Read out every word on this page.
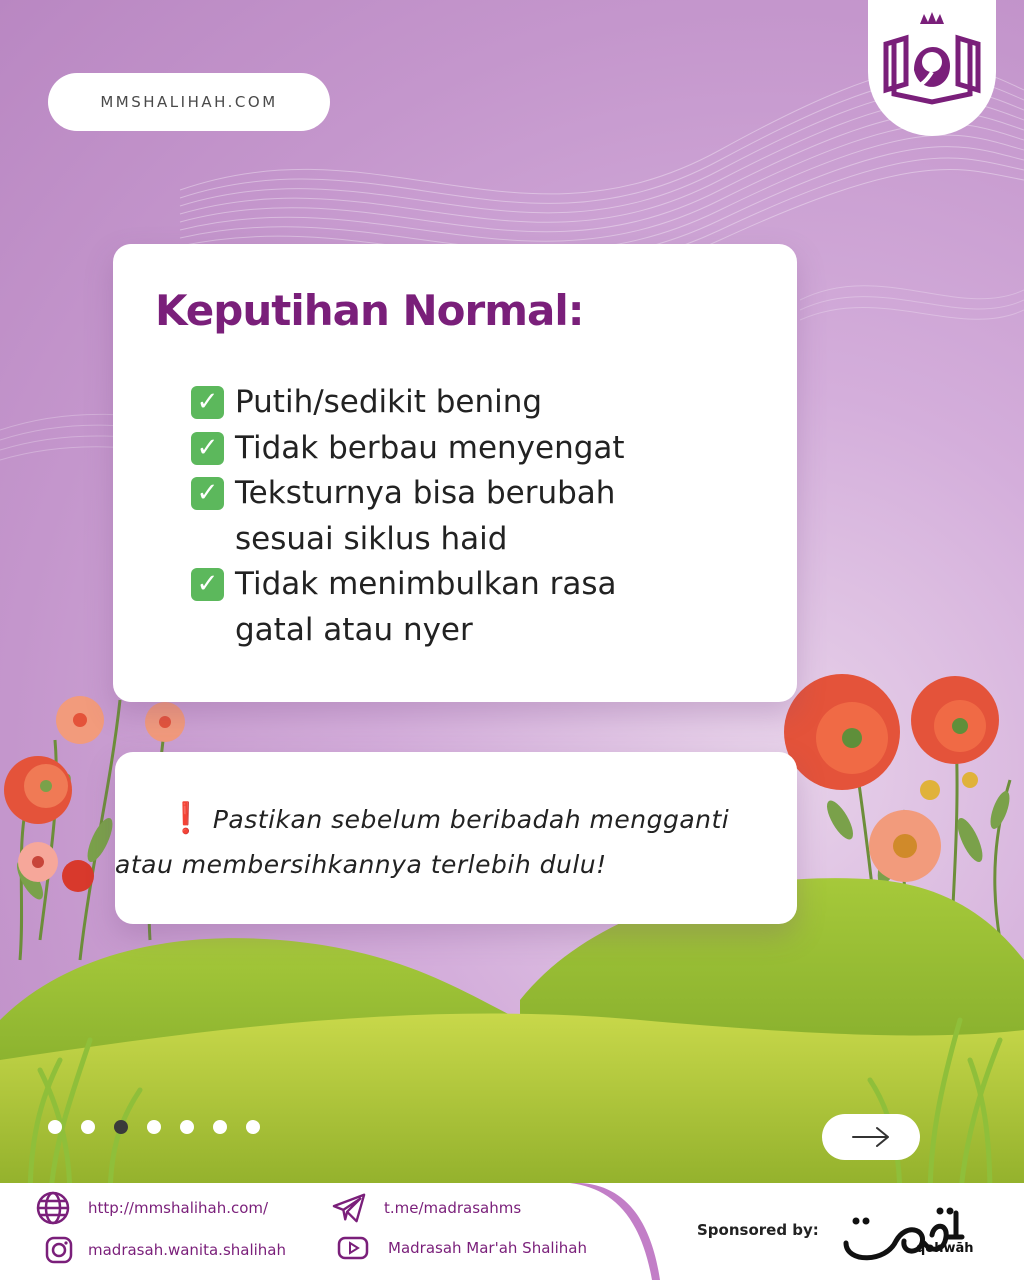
MMSHALIHAH.COM
Keputihan Normal:
✓ Putih/sedikit bening
✓ Tidak berbau menyengat
✓ Teksturnya bisa berubah sesuai siklus haid
✓ Tidak menimbulkan rasa gatal atau nyer
❗ Pastikan sebelum beribadah mengganti
atau membersihkannya terlebih dulu!
http://mmshalihah.com/
madrasah.wanita.shalihah
t.me/madrasahms
Madrasah Mar'ah Shalihah
Sponsored by:
qohwāh
